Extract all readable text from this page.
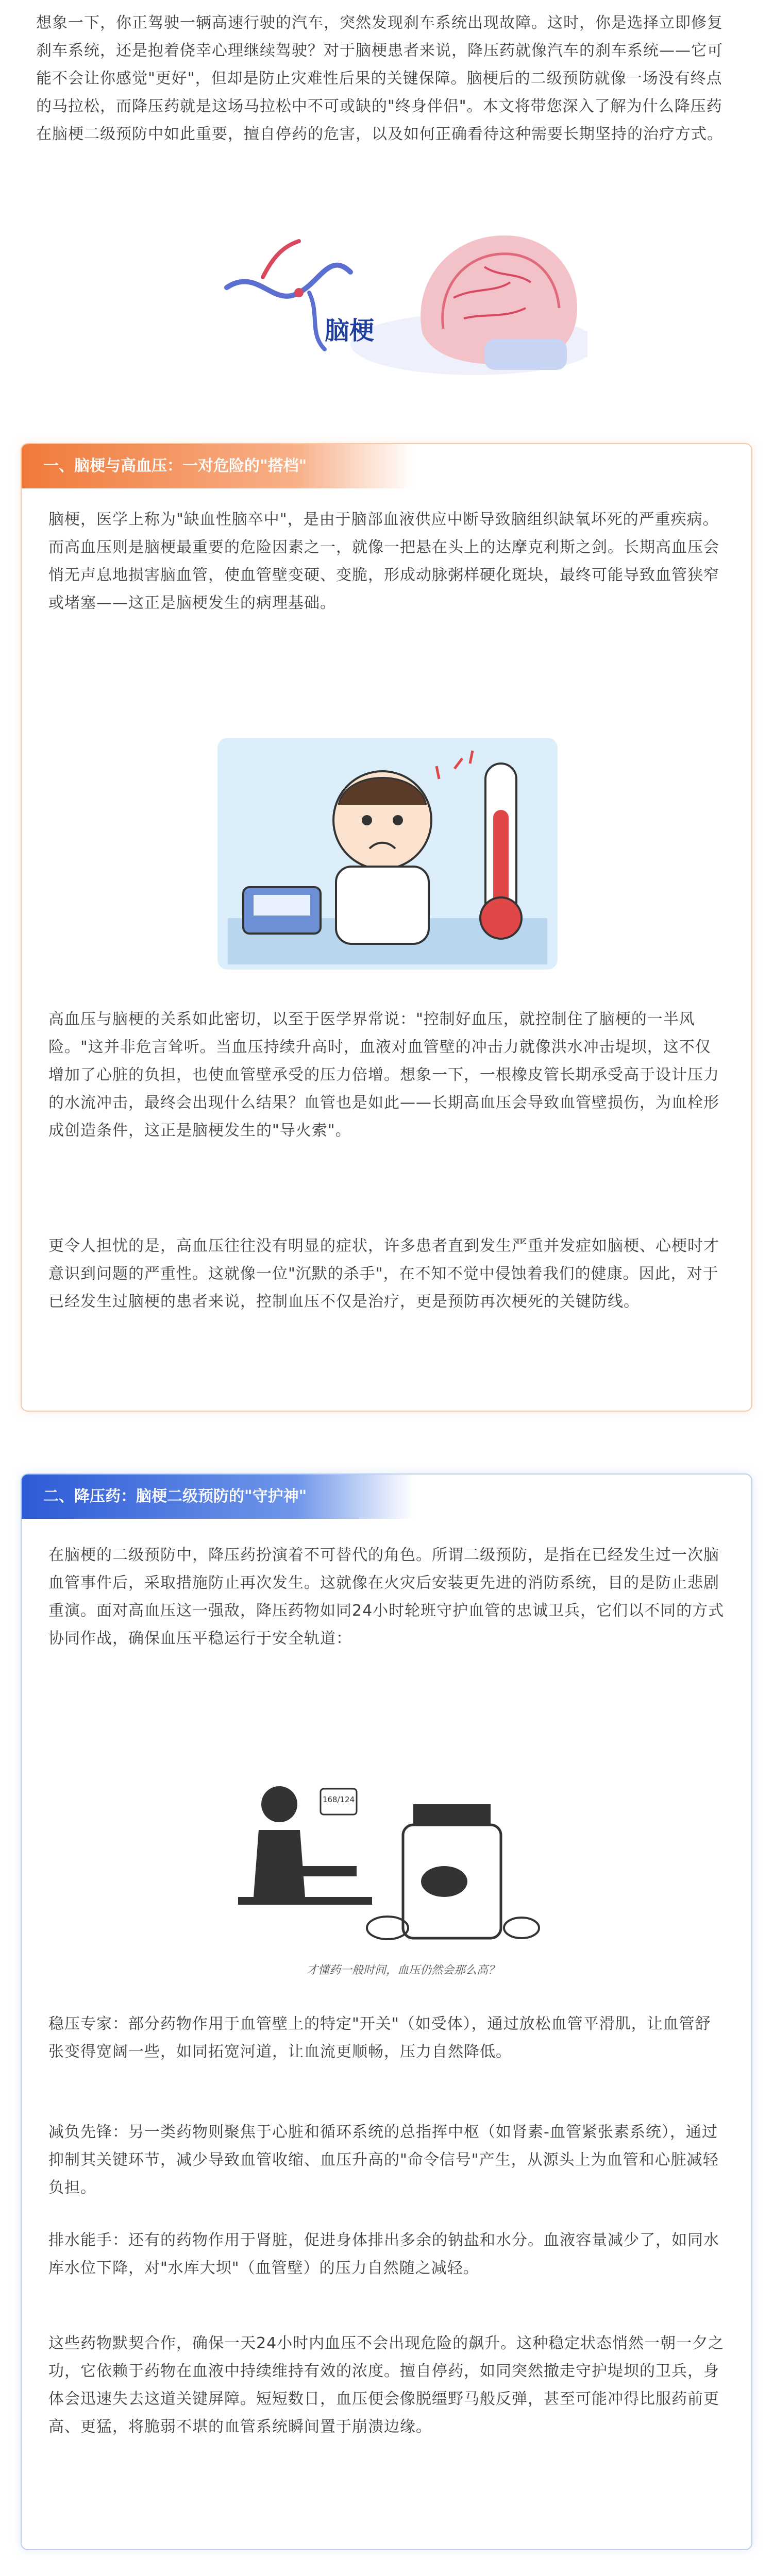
想象一下，你正驾驶一辆高速行驶的汽车，突然发现刹车系统出现故障。这时，你是选择立即修复刹车系统，还是抱着侥幸心理继续驾驶？对于脑梗患者来说，降压药就像汽车的刹车系统——它可能不会让你感觉"更好"，但却是防止灾难性后果的关键保障。脑梗后的二级预防就像一场没有终点的马拉松，而降压药就是这场马拉松中不可或缺的"终身伴侣"。本文将带您深入了解为什么降压药在脑梗二级预防中如此重要，擅自停药的危害，以及如何正确看待这种需要长期坚持的治疗方式。

脑梗
一、脑梗与高血压：一对危险的"搭档"

脑梗，医学上称为"缺血性脑卒中"，是由于脑部血液供应中断导致脑组织缺氧坏死的严重疾病。而高血压则是脑梗最重要的危险因素之一，就像一把悬在头上的达摩克利斯之剑。长期高血压会悄无声息地损害脑血管，使血管壁变硬、变脆，形成动脉粥样硬化斑块，最终可能导致血管狭窄或堵塞——这正是脑梗发生的病理基础。

高血压与脑梗的关系如此密切，以至于医学界常说："控制好血压，就控制住了脑梗的一半风险。"这并非危言耸听。当血压持续升高时，血液对血管壁的冲击力就像洪水冲击堤坝，这不仅增加了心脏的负担，也使血管壁承受的压力倍增。想象一下，一根橡皮管长期承受高于设计压力的水流冲击，最终会出现什么结果？血管也是如此——长期高血压会导致血管壁损伤，为血栓形成创造条件，这正是脑梗发生的"导火索"。

更令人担忧的是，高血压往往没有明显的症状，许多患者直到发生严重并发症如脑梗、心梗时才意识到问题的严重性。这就像一位"沉默的杀手"，在不知不觉中侵蚀着我们的健康。因此，对于已经发生过脑梗的患者来说，控制血压不仅是治疗，更是预防再次梗死的关键防线。

二、降压药：脑梗二级预防的"守护神"

在脑梗的二级预防中，降压药扮演着不可替代的角色。所谓二级预防，是指在已经发生过一次脑血管事件后，采取措施防止再次发生。这就像在火灾后安装更先进的消防系统，目的是防止悲剧重演。面对高血压这一强敌，降压药物如同24小时轮班守护血管的忠诚卫兵，它们以不同的方式协同作战，确保血压平稳运行于安全轨道：

168/124
才懂药一般时间，血压仍然会那么高？

稳压专家：部分药物作用于血管壁上的特定"开关"（如受体），通过放松血管平滑肌，让血管舒张变得宽阔一些，如同拓宽河道，让血流更顺畅，压力自然降低。

减负先锋：另一类药物则聚焦于心脏和循环系统的总指挥中枢（如肾素-血管紧张素系统），通过抑制其关键环节，减少导致血管收缩、血压升高的"命令信号"产生，从源头上为血管和心脏减轻负担。

排水能手：还有的药物作用于肾脏，促进身体排出多余的钠盐和水分。血液容量减少了，如同水库水位下降，对"水库大坝"（血管壁）的压力自然随之减轻。

这些药物默契合作，确保一天24小时内血压不会出现危险的飙升。这种稳定状态悄然一朝一夕之功，它依赖于药物在血液中持续维持有效的浓度。擅自停药，如同突然撤走守护堤坝的卫兵，身体会迅速失去这道关键屏障。短短数日，血压便会像脱缰野马般反弹，甚至可能冲得比服药前更高、更猛，将脆弱不堪的血管系统瞬间置于崩溃边缘。
